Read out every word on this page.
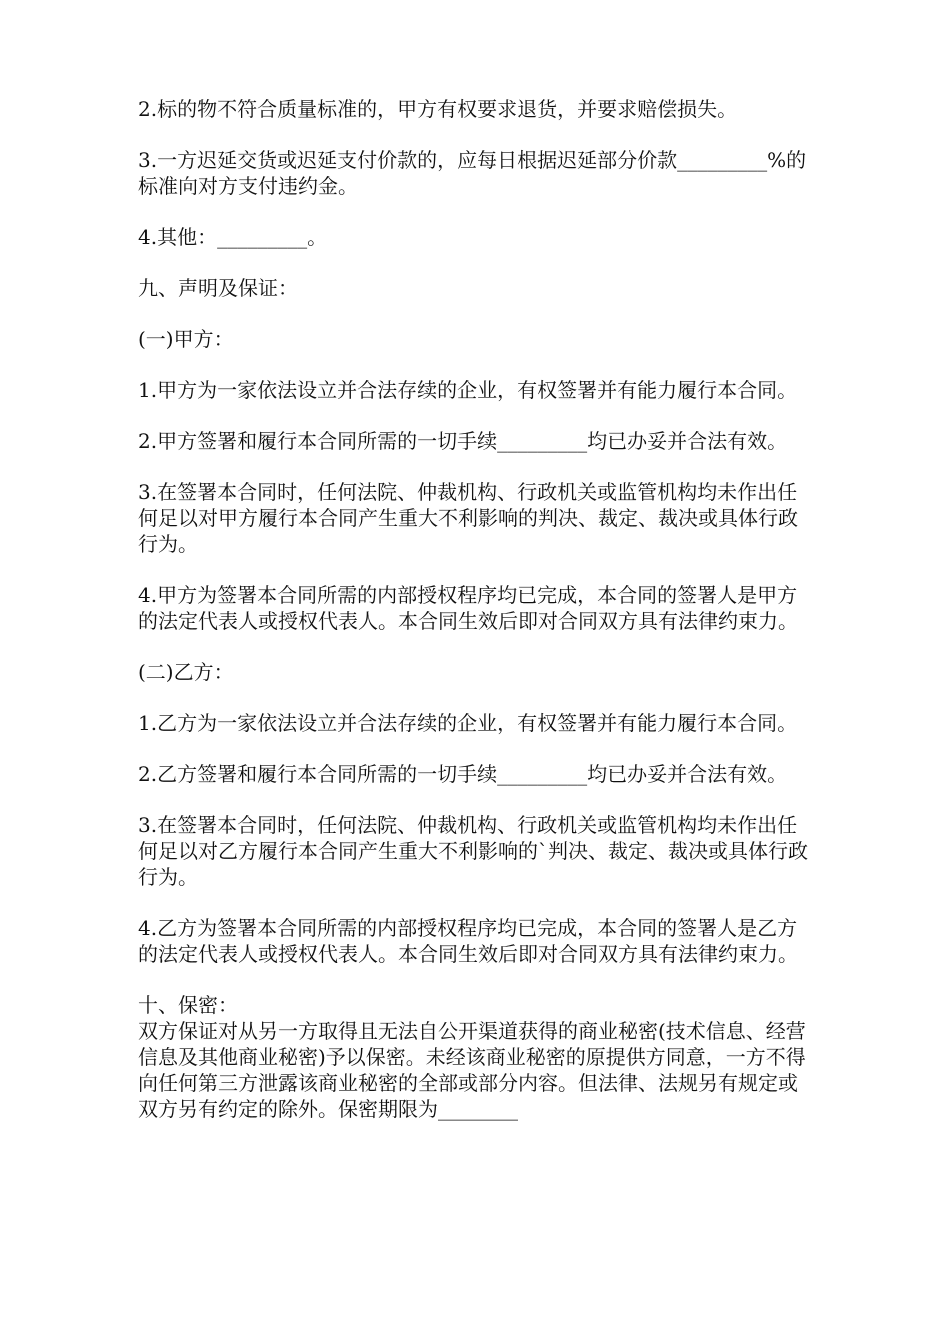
2.标的物不符合质量标准的，甲方有权要求退货，并要求赔偿损失。

3.一方迟延交货或迟延支付价款的，应每日根据迟延部分价款_________%的标准向对方支付违约金。

4.其他：_________。

九、声明及保证：

(一)甲方：

1.甲方为一家依法设立并合法存续的企业，有权签署并有能力履行本合同。

2.甲方签署和履行本合同所需的一切手续_________均已办妥并合法有效。

3.在签署本合同时，任何法院、仲裁机构、行政机关或监管机构均未作出任何足以对甲方履行本合同产生重大不利影响的判决、裁定、裁决或具体行政行为。

4.甲方为签署本合同所需的内部授权程序均已完成，本合同的签署人是甲方的法定代表人或授权代表人。本合同生效后即对合同双方具有法律约束力。

(二)乙方：

1.乙方为一家依法设立并合法存续的企业，有权签署并有能力履行本合同。

2.乙方签署和履行本合同所需的一切手续_________均已办妥并合法有效。

3.在签署本合同时，任何法院、仲裁机构、行政机关或监管机构均未作出任何足以对乙方履行本合同产生重大不利影响的`判决、裁定、裁决或具体行政行为。

4.乙方为签署本合同所需的内部授权程序均已完成，本合同的签署人是乙方的法定代表人或授权代表人。本合同生效后即对合同双方具有法律约束力。

十、保密：

双方保证对从另一方取得且无法自公开渠道获得的商业秘密(技术信息、经营信息及其他商业秘密)予以保密。未经该商业秘密的原提供方同意，一方不得向任何第三方泄露该商业秘密的全部或部分内容。但法律、法规另有规定或双方另有约定的除外。保密期限为________
